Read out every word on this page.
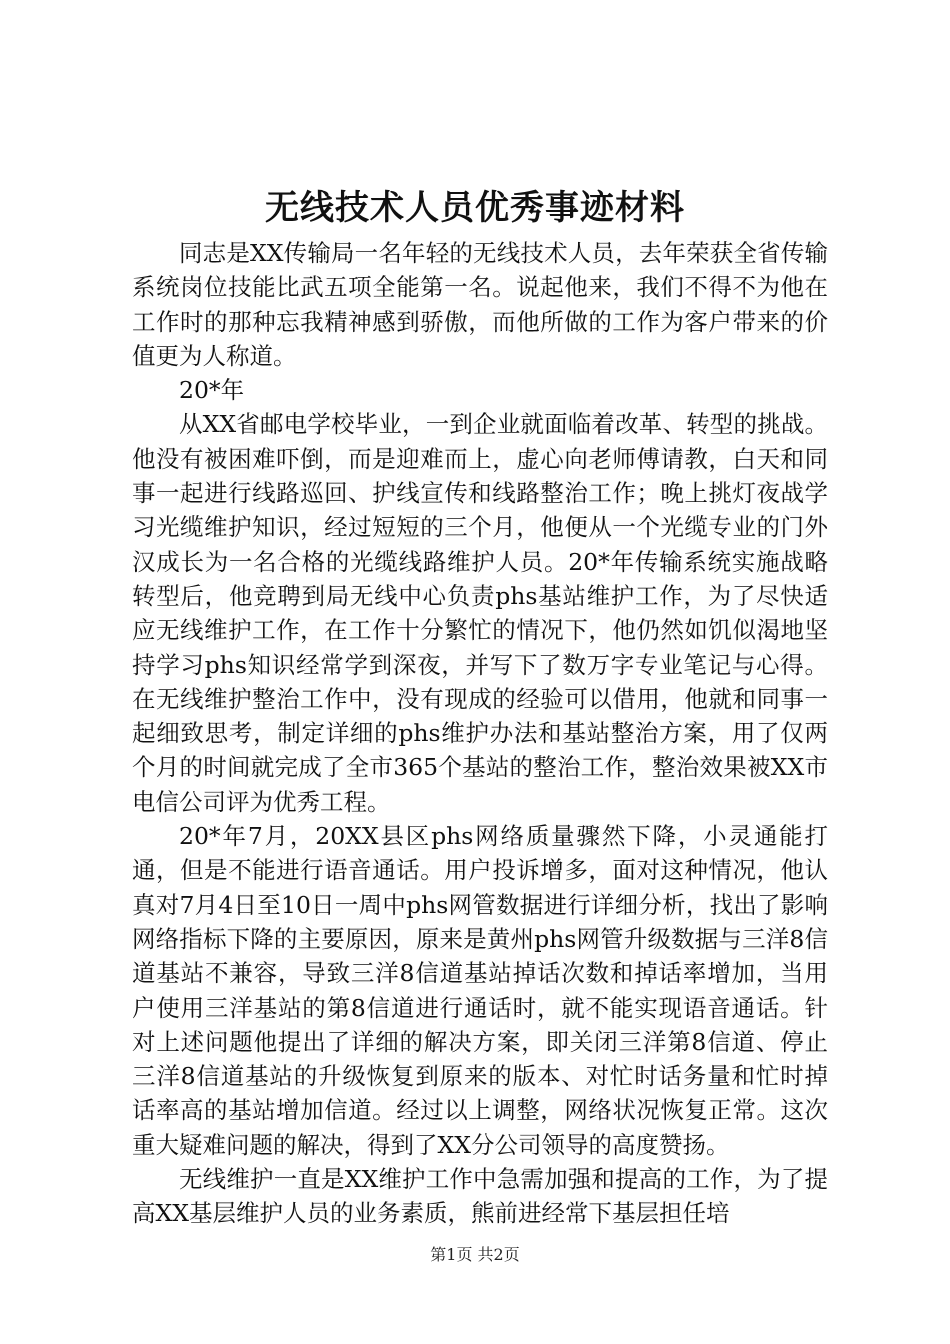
无线技术人员优秀事迹材料

同志是XX传输局一名年轻的无线技术人员，去年荣获全省传输系统岗位技能比武五项全能第一名。说起他来，我们不得不为他在工作时的那种忘我精神感到骄傲，而他所做的工作为客户带来的价值更为人称道。

20*年

从XX省邮电学校毕业，一到企业就面临着改革、转型的挑战。他没有被困难吓倒，而是迎难而上，虚心向老师傅请教，白天和同事一起进行线路巡回、护线宣传和线路整治工作；晚上挑灯夜战学习光缆维护知识，经过短短的三个月，他便从一个光缆专业的门外汉成长为一名合格的光缆线路维护人员。20*年传输系统实施战略转型后，他竞聘到局无线中心负责phs基站维护工作，为了尽快适应无线维护工作，在工作十分繁忙的情况下，他仍然如饥似渴地坚持学习phs知识经常学到深夜，并写下了数万字专业笔记与心得。在无线维护整治工作中，没有现成的经验可以借用，他就和同事一起细致思考，制定详细的phs维护办法和基站整治方案，用了仅两个月的时间就完成了全市365个基站的整治工作，整治效果被XX市电信公司评为优秀工程。

20*年7月，20XX县区phs网络质量骤然下降，小灵通能打通，但是不能进行语音通话。用户投诉增多，面对这种情况，他认真对7月4日至10日一周中phs网管数据进行详细分析，找出了影响网络指标下降的主要原因，原来是黄州phs网管升级数据与三洋8信道基站不兼容，导致三洋8信道基站掉话次数和掉话率增加，当用户使用三洋基站的第8信道进行通话时，就不能实现语音通话。针对上述问题他提出了详细的解决方案，即关闭三洋第8信道、停止三洋8信道基站的升级恢复到原来的版本、对忙时话务量和忙时掉话率高的基站增加信道。经过以上调整，网络状况恢复正常。这次重大疑难问题的解决，得到了XX分公司领导的高度赞扬。

无线维护一直是XX维护工作中急需加强和提高的工作，为了提高XX基层维护人员的业务素质，熊前进经常下基层担任培

第1页 共2页
